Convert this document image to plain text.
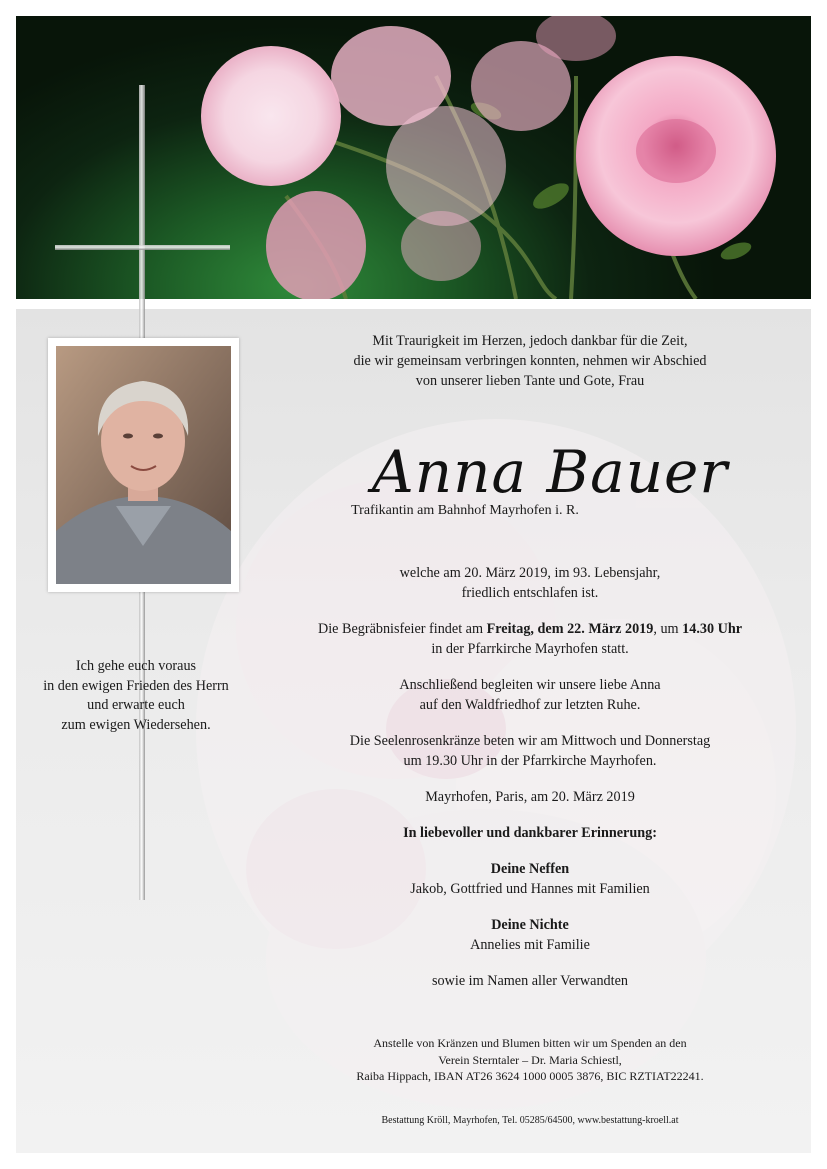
Mit Traurigkeit im Herzen, jedoch dankbar für die Zeit,
die wir gemeinsam verbringen konnten, nehmen wir Abschied
von unserer lieben Tante und Gote, Frau
Anna Bauer
Trafikantin am Bahnhof Mayrhofen i. R.

welche am 20. März 2019, im 93. Lebensjahr,
friedlich entschlafen ist.

Die Begräbnisfeier findet am Freitag, dem 22. März 2019, um 14.30 Uhr
in der Pfarrkirche Mayrhofen statt.

Anschließend begleiten wir unsere liebe Anna
auf den Waldfriedhof zur letzten Ruhe.

Die Seelenrosenkränze beten wir am Mittwoch und Donnerstag
um 19.30 Uhr in der Pfarrkirche Mayrhofen.

Mayrhofen, Paris, am 20. März 2019

In liebevoller und dankbarer Erinnerung:

Deine Neffen
Jakob, Gottfried und Hannes mit Familien

Deine Nichte
Annelies mit Familie

sowie im Namen aller Verwandten

Ich gehe euch voraus
in den ewigen Frieden des Herrn
und erwarte euch
zum ewigen Wiedersehen.
Anstelle von Kränzen und Blumen bitten wir um Spenden an den
Verein Sterntaler – Dr. Maria Schiestl,
Raiba Hippach, IBAN AT26 3624 1000 0005 3876, BIC RZTIAT22241.
Bestattung Kröll, Mayrhofen, Tel. 05285/64500, www.bestattung-kroell.at
